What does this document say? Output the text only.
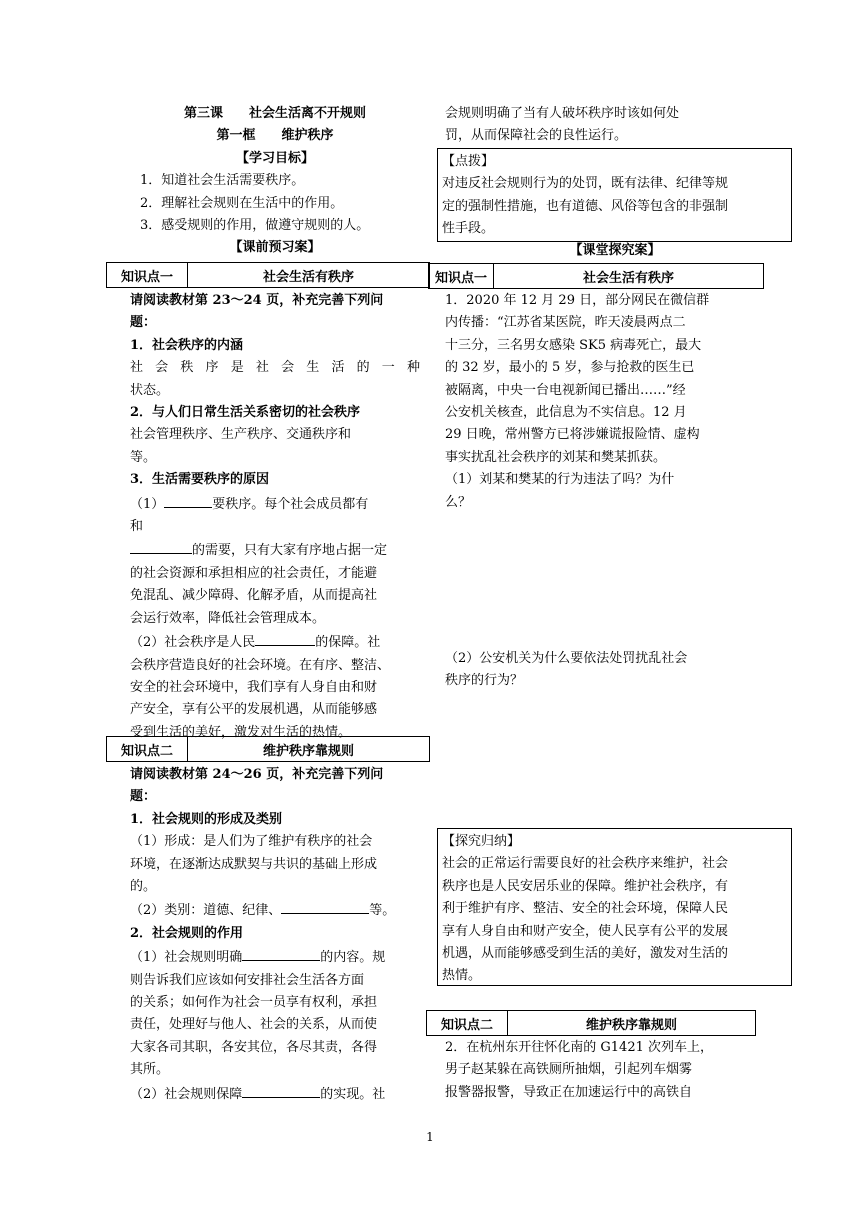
第三课　　社会生活离不开规则
第一框　　维护秩序
【学习目标】
1．知道社会生活需要秩序。
2．理解社会规则在生活中的作用。
3．感受规则的作用，做遵守规则的人。
【课前预习案】
知识点一	社会生活有秩序
请阅读教材第 23～24 页，补充完善下列问
题：
1．社会秩序的内涵
社 会 秩 序 是 社 会 生 活 的 一 种
状态。
2．与人们日常生活关系密切的社会秩序
社会管理秩序、生产秩序、交通秩序和
等。
3．生活需要秩序的原因
（1）	要秩序。每个社会成员都有
和
的需要，只有大家有序地占据一定
的社会资源和承担相应的社会责任，才能避
免混乱、减少障碍、化解矛盾，从而提高社
会运行效率，降低社会管理成本。
（2）社会秩序是人民	的保障。社
会秩序营造良好的社会环境。在有序、整洁、
安全的社会环境中，我们享有人身自由和财
产安全，享有公平的发展机遇，从而能够感
受到生活的美好，激发对生活的热情。
知识点二	维护秩序靠规则
请阅读教材第 24～26 页，补充完善下列问
题：
1．社会规则的形成及类别
（1）形成：是人们为了维护有秩序的社会
环境，在逐渐达成默契与共识的基础上形成
的。
（2）类别：道德、纪律、	等。
2．社会规则的作用
（1）社会规则明确	的内容。规
则告诉我们应该如何安排社会生活各方面
的关系；如何作为社会一员享有权利，承担
责任，处理好与他人、社会的关系，从而使
大家各司其职，各安其位，各尽其责，各得
其所。
（2）社会规则保障	的实现。社
会规则明确了当有人破坏秩序时该如何处
罚，从而保障社会的良性运行。
【点拨】
对违反社会规则行为的处罚，既有法律、纪律等规
定的强制性措施，也有道德、风俗等包含的非强制
性手段。
【课堂探究案】
知识点一	社会生活有秩序
1．2020 年 12 月 29 日，部分网民在微信群
内传播：“江苏省某医院，昨天凌晨两点二
十三分，三名男女感染 SK5 病毒死亡，最大
的 32 岁，最小的 5 岁，参与抢救的医生已
被隔离，中央一台电视新闻已播出……”经
公安机关核查，此信息为不实信息。12 月
29 日晚，常州警方已将涉嫌谎报险情、虚构
事实扰乱社会秩序的刘某和樊某抓获。
（1）刘某和樊某的行为违法了吗？为什
么？
（2）公安机关为什么要依法处罚扰乱社会
秩序的行为？
【探究归纳】
社会的正常运行需要良好的社会秩序来维护，社会
秩序也是人民安居乐业的保障。维护社会秩序，有
利于维护有序、整洁、安全的社会环境，保障人民
享有人身自由和财产安全，使人民享有公平的发展
机遇，从而能够感受到生活的美好，激发对生活的
热情。
知识点二	维护秩序靠规则
2．在杭州东开往怀化南的 G1421 次列车上，
男子赵某躲在高铁厕所抽烟，引起列车烟雾
报警器报警，导致正在加速运行中的高铁自
1
